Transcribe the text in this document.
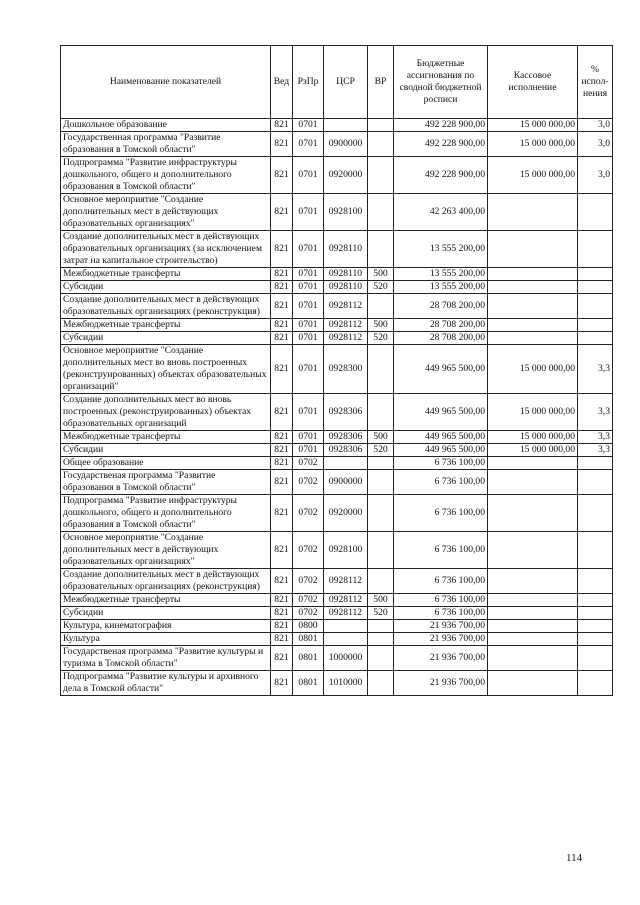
Наименование показателей	Вед	РзПр	ЦСР	ВР	Бюджетные ассигнования по сводной бюджетной росписи	Кассовое исполнение	% испол- нения
Дошкольное образование	821	0701			492 228 900,00	15 000 000,00	3,0
Государственная программа "Развитие образования в Томской области"	821	0701	0900000		492 228 900,00	15 000 000,00	3,0
Подпрограмма "Развитие инфраструктуры дошкольного, общего и дополнительного образования в Томской области"	821	0701	0920000		492 228 900,00	15 000 000,00	3,0
Основное мероприятие "Создание дополнительных мест в действующих образовательных организациях"	821	0701	0928100		42 263 400,00		
Создание дополнительных мест в действующих образовательных организациях (за исключением затрат на капитальное строительство)	821	0701	0928110		13 555 200,00		
Межбюджетные трансферты	821	0701	0928110	500	13 555 200,00		
Субсидии	821	0701	0928110	520	13 555 200,00		
Создание дополнительных мест в действующих образовательных организациях (реконструкция)	821	0701	0928112		28 708 200,00		
Межбюджетные трансферты	821	0701	0928112	500	28 708 200,00		
Субсидии	821	0701	0928112	520	28 708 200,00		
Основное мероприятие "Создание дополнительных мест во вновь построенных (реконструированных) объектах образовательных организаций"	821	0701	0928300		449 965 500,00	15 000 000,00	3,3
Создание дополнительных мест во вновь построенных (реконструированных) объектах образовательных организаций	821	0701	0928306		449 965 500,00	15 000 000,00	3,3
Межбюджетные трансферты	821	0701	0928306	500	449 965 500,00	15 000 000,00	3,3
Субсидии	821	0701	0928306	520	449 965 500,00	15 000 000,00	3,3
Общее образование	821	0702			6 736 100,00		
Государственая программа "Развитие образования в Томской области"	821	0702	0900000		6 736 100,00		
Подпрограмма "Развитие инфраструктуры дошкольного, общего и дополнительного образования в Томской области"	821	0702	0920000		6 736 100,00		
Основное мероприятие "Создание дополнительных мест в действующих образовательных организациях"	821	0702	0928100		6 736 100,00		
Создание дополнительных мест в действующих образовательных организациях (реконструкция)	821	0702	0928112		6 736 100,00		
Межбюджетные трансферты	821	0702	0928112	500	6 736 100,00		
Субсидии	821	0702	0928112	520	6 736 100,00		
Культура, кинематография	821	0800			21 936 700,00		
Культура	821	0801			21 936 700,00		
Государственая программа "Развитие культуры и туризма в Томской области"	821	0801	1000000		21 936 700,00		
Подпрограмма "Развитие культуры и архивного дела в Томской области"	821	0801	1010000		21 936 700,00		
114
